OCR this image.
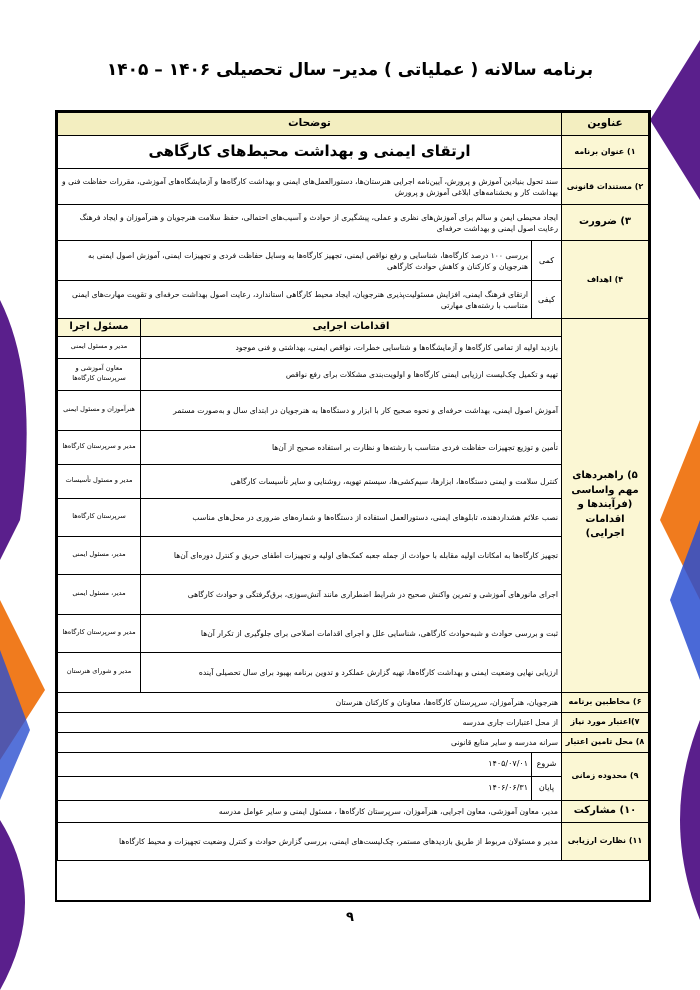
برنامه سالانه ( عملیاتی ) مدیر– سال تحصیلی ۱۴۰۶ – ۱۴۰۵
عناوین	توضحات		
۱) عنوان برنامه	ارتقای ایمنی و بهداشت محیط‌های کارگاهی		
۲) مستندات قانونی	سند تحول بنیادین آموزش و پرورش، آیین‌نامه اجرایی هنرستان‌ها، دستورالعمل‌های ایمنی و بهداشت کارگاه‌ها و آزمایشگاه‌های آموزشی، مقررات حفاظت فنی و بهداشت کار و بخشنامه‌های ابلاغی آموزش و پرورش		
۳) ضرورت	ایجاد محیطی ایمن و سالم برای آموزش‌های نظری و عملی، پیشگیری از حوادث و آسیب‌های احتمالی، حفظ سلامت هنرجویان و هنرآموزان و ایجاد فرهنگ رعایت اصول ایمنی و بهداشت حرفه‌ای		
۴) اهداف	کمی	بررسی ۱۰۰ درصد کارگاه‌ها، شناسایی و رفع نواقص ایمنی، تجهیز کارگاه‌ها به وسایل حفاظت فردی و تجهیزات ایمنی، آموزش اصول ایمنی به هنرجویان و کارکنان و کاهش حوادث کارگاهی	
	کیفی	ارتقای فرهنگ ایمنی، افزایش مسئولیت‌پذیری هنرجویان، ایجاد محیط کارگاهی استاندارد، رعایت اصول بهداشت حرفه‌ای و تقویت مهارت‌های ایمنی متناسب با رشته‌های مهارتی	
۵) راهبردهای مهم واساسی (فرآیندها و اقدامات اجرایی)	اقدامات اجرایی		مسئول اجرا
	بازدید اولیه از تمامی کارگاه‌ها و آزمایشگاه‌ها و شناسایی خطرات، نواقص ایمنی، بهداشتی و فنی موجود		مدیر و مسئول ایمنی
	تهیه و تکمیل چک‌لیست ارزیابی ایمنی کارگاه‌ها و اولویت‌بندی مشکلات برای رفع نواقص		معاون آموزشی و سرپرستان کارگاه‌ها
	آموزش اصول ایمنی، بهداشت حرفه‌ای و نحوه صحیح کار با ابزار و دستگاه‌ها به هنرجویان در ابتدای سال و به‌صورت مستمر		هنرآموزان و مسئول ایمنی
	تأمین و توزیع تجهیزات حفاظت فردی متناسب با رشته‌ها و نظارت بر استفاده صحیح از آن‌ها		مدیر و سرپرستان کارگاه‌ها
	کنترل سلامت و ایمنی دستگاه‌ها، ابزارها، سیم‌کشی‌ها، سیستم تهویه، روشنایی و سایر تأسیسات کارگاهی		مدیر و مسئول تأسیسات
	نصب علائم هشداردهنده، تابلوهای ایمنی، دستورالعمل استفاده از دستگاه‌ها و شماره‌های ضروری در محل‌های مناسب		سرپرستان کارگاه‌ها
	تجهیز کارگاه‌ها به امکانات اولیه مقابله با حوادث از جمله جعبه کمک‌های اولیه و تجهیزات اطفای حریق و کنترل دوره‌ای آن‌ها		مدیر، مسئول ایمنی
	اجرای مانورهای آموزشی و تمرین واکنش صحیح در شرایط اضطراری مانند آتش‌سوزی، برق‌گرفتگی و حوادث کارگاهی		مدیر، مسئول ایمنی
	ثبت و بررسی حوادث و شبه‌حوادث کارگاهی، شناسایی علل و اجرای اقدامات اصلاحی برای جلوگیری از تکرار آن‌ها		مدیر و سرپرستان کارگاه‌ها
	ارزیابی نهایی وضعیت ایمنی و بهداشت کارگاه‌ها، تهیه گزارش عملکرد و تدوین برنامه بهبود برای سال تحصیلی آینده		مدیر و شورای هنرستان
۶) مخاطبین برنامه	هنرجویان، هنرآموزان، سرپرستان کارگاه‌ها، معاونان و کارکنان هنرستان		
۷)اعتبار مورد نیاز	از محل اعتبارات جاری مدرسه		
۸) محل تامین اعتبار	سرانه مدرسه و سایر منابع قانونی		
۹) محدوده زمانی	شروع	۱۴۰۵/۰۷/۰۱	
	پایان	۱۴۰۶/۰۶/۳۱	
۱۰) مشارکت	مدیر، معاون آموزشی، معاون اجرایی، هنرآموزان، سرپرستان کارگاه‌ها ، مسئول ایمنی و سایر عوامل مدرسه		
۱۱) نظارت ارزیابی	مدیر و مسئولان مربوط از طریق بازدیدهای مستمر، چک‌لیست‌های ایمنی، بررسی گزارش حوادث و کنترل وضعیت تجهیزات و محیط کارگاه‌ها		
۹
